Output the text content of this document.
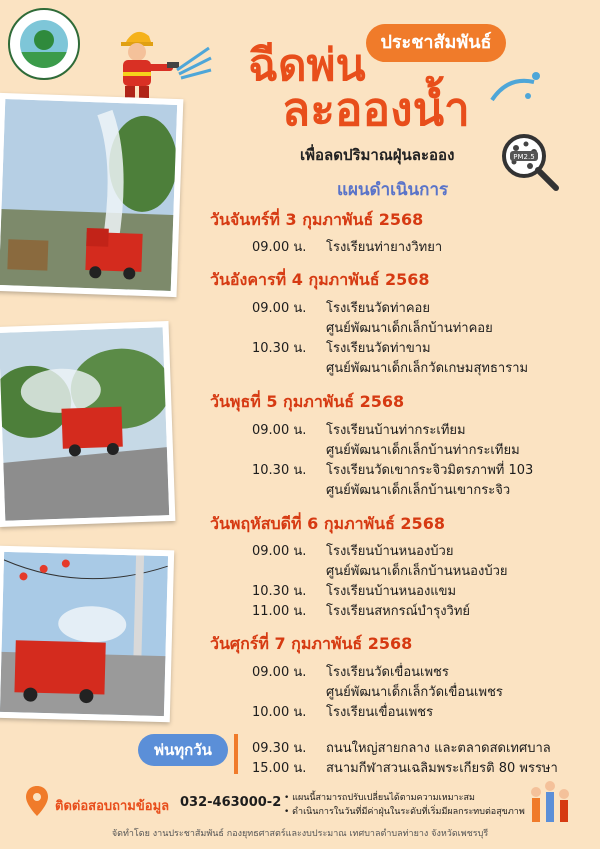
ประชาสัมพันธ์
ฉีดพ่น
ละอองน้ำ
เพื่อลดปริมาณฝุ่นละออง
แผนดำเนินการ
PM2.5
วันจันทร์ที่ 3 กุมภาพันธ์ 2568
09.00 น.	โรงเรียนท่ายางวิทยา
วันอังคารที่ 4 กุมภาพันธ์ 2568
09.00 น.	โรงเรียนวัดท่าคอย
ศูนย์พัฒนาเด็กเล็กบ้านท่าคอย
10.30 น.	โรงเรียนวัดท่าขาม
ศูนย์พัฒนาเด็กเล็กวัดเกษมสุทธาราม
วันพุธที่ 5 กุมภาพันธ์ 2568
09.00 น.	โรงเรียนบ้านท่ากระเทียม
ศูนย์พัฒนาเด็กเล็กบ้านท่ากระเทียม
10.30 น.	โรงเรียนวัดเขากระจิวมิตรภาพที่ 103
ศูนย์พัฒนาเด็กเล็กบ้านเขากระจิว
วันพฤหัสบดีที่ 6 กุมภาพันธ์ 2568
09.00 น.	โรงเรียนบ้านหนองบ้วย
ศูนย์พัฒนาเด็กเล็กบ้านหนองบ้วย
10.30 น.	โรงเรียนบ้านหนองแขม
11.00 น.	โรงเรียนสหกรณ์บำรุงวิทย์
วันศุกร์ที่ 7 กุมภาพันธ์ 2568
09.00 น.	โรงเรียนวัดเขื่อนเพชร
ศูนย์พัฒนาเด็กเล็กวัดเขื่อนเพชร
10.00 น.	โรงเรียนเขื่อนเพชร
พ่นทุกวัน	09.30 น.	ถนนใหญ่สายกลาง และตลาดสดเทศบาล
15.00 น.	สนามกีฬาสวนเฉลิมพระเกียรติ 80 พรรษา
ติดต่อสอบถามข้อมูล 032-463000-2 • แผนนี้สามารถปรับเปลี่ยนได้ตามความเหมาะสม
• ดำเนินการในวันที่มีค่าฝุ่นในระดับที่เริ่มมีผลกระทบต่อสุขภาพ
จัดทำโดย งานประชาสัมพันธ์ กองยุทธศาสตร์และงบประมาณ เทศบาลตำบลท่ายาง จังหวัดเพชรบุรี
